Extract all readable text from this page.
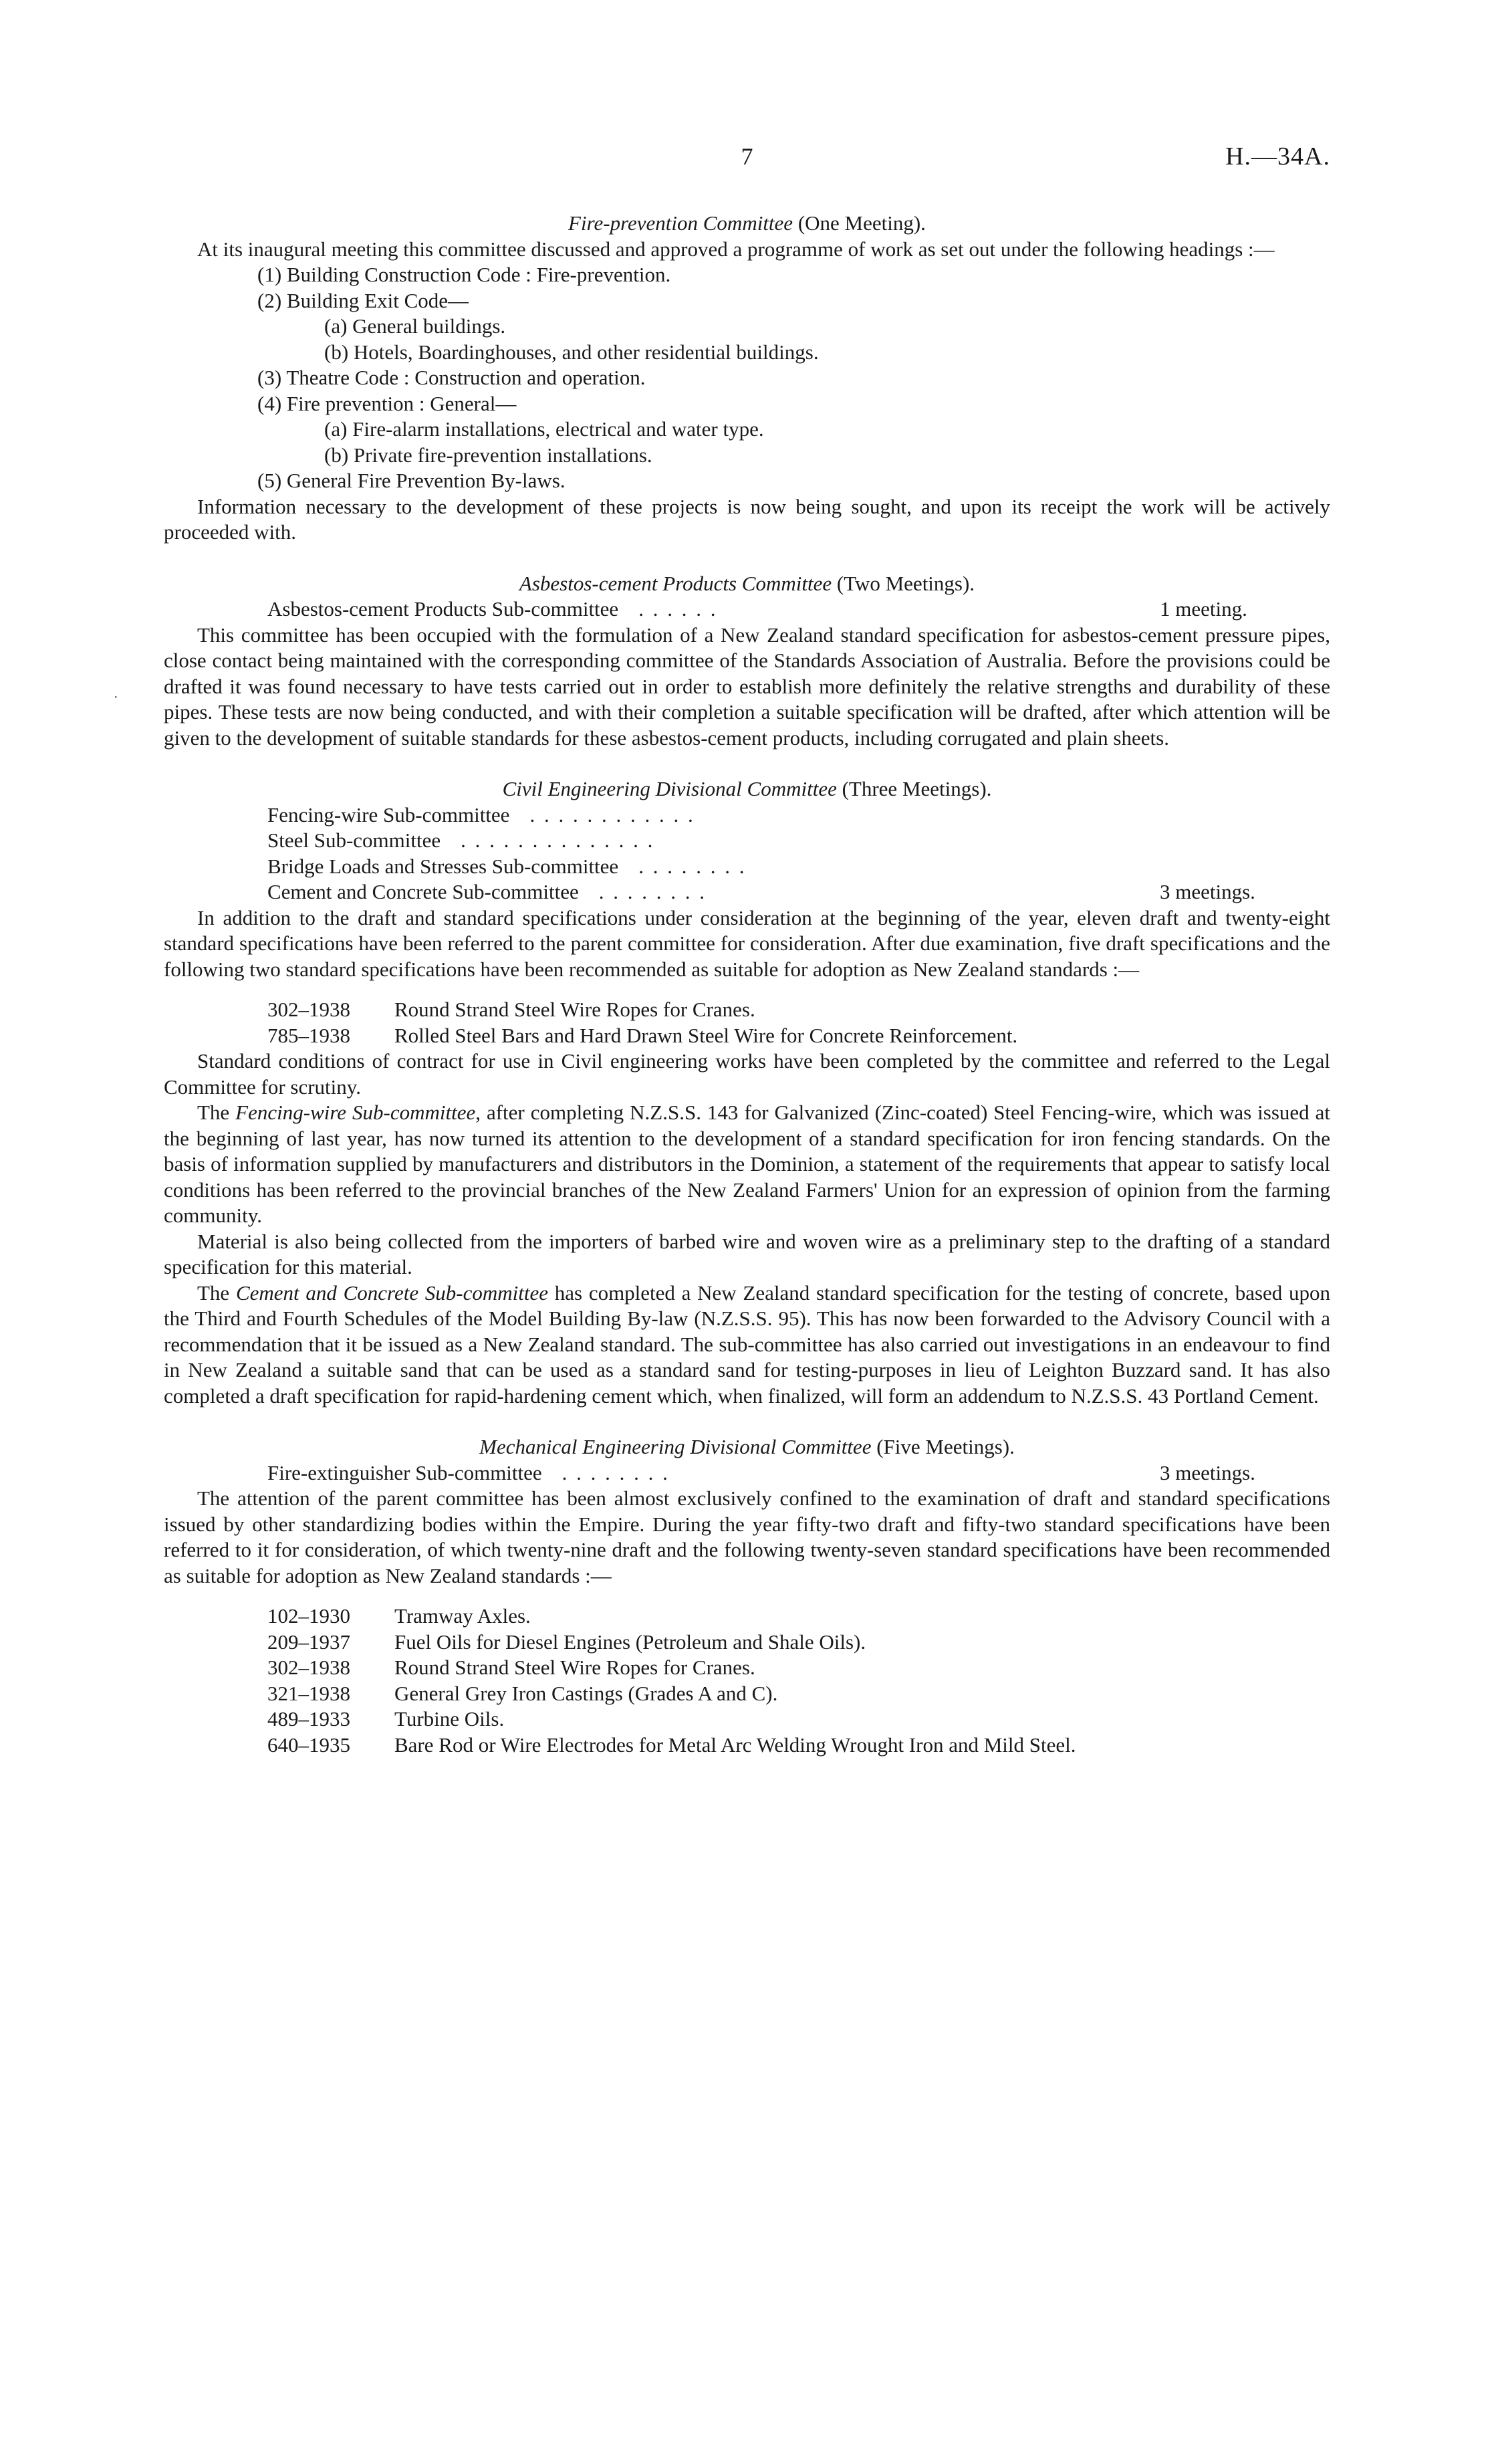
·
7	H.—34A.
Fire-prevention Committee (One Meeting).

At its inaugural meeting this committee discussed and approved a programme of work as set out under the following headings :—

(1) Building Construction Code : Fire-prevention.
(2) Building Exit Code—
(a) General buildings.
(b) Hotels, Boardinghouses, and other residential buildings.
(3) Theatre Code : Construction and operation.
(4) Fire prevention : General—
(a) Fire-alarm installations, electrical and water type.
(b) Private fire-prevention installations.
(5) General Fire Prevention By-laws.

Information necessary to the development of these projects is now being sought, and upon its receipt the work will be actively proceeded with.

Asbestos-cement Products Committee (Two Meetings).
Asbestos-cement Products Sub-committee . . . . . .	1 meeting.

This committee has been occupied with the formulation of a New Zealand standard specification for asbestos-cement pressure pipes, close contact being maintained with the corresponding committee of the Standards Association of Australia. Before the provisions could be drafted it was found necessary to have tests carried out in order to establish more definitely the relative strengths and durability of these pipes. These tests are now being conducted, and with their completion a suitable specification will be drafted, after which attention will be given to the development of suitable standards for these asbestos-cement products, including corrugated and plain sheets.

Civil Engineering Divisional Committee (Three Meetings).
Fencing-wire Sub-committee . . . . . . . . . . . .
Steel Sub-committee . . . . . . . . . . . . . .
Bridge Loads and Stresses Sub-committee . . . . . . . .
Cement and Concrete Sub-committee . . . . . . . .	3 meetings.

In addition to the draft and standard specifications under consideration at the beginning of the year, eleven draft and twenty-eight standard specifications have been referred to the parent committee for consideration. After due examination, five draft specifications and the following two standard specifications have been recommended as suitable for adoption as New Zealand standards :—

302–1938	Round Strand Steel Wire Ropes for Cranes.
785–1938	Rolled Steel Bars and Hard Drawn Steel Wire for Concrete Reinforcement.

Standard conditions of contract for use in Civil engineering works have been completed by the committee and referred to the Legal Committee for scrutiny.

The Fencing-wire Sub-committee, after completing N.Z.S.S. 143 for Galvanized (Zinc-coated) Steel Fencing-wire, which was issued at the beginning of last year, has now turned its attention to the development of a standard specification for iron fencing standards. On the basis of information supplied by manufacturers and distributors in the Dominion, a statement of the requirements that appear to satisfy local conditions has been referred to the provincial branches of the New Zealand Farmers' Union for an expression of opinion from the farming community.

Material is also being collected from the importers of barbed wire and woven wire as a preliminary step to the drafting of a standard specification for this material.

The Cement and Concrete Sub-committee has completed a New Zealand standard specification for the testing of concrete, based upon the Third and Fourth Schedules of the Model Building By-law (N.Z.S.S. 95). This has now been forwarded to the Advisory Council with a recommendation that it be issued as a New Zealand standard. The sub-committee has also carried out investigations in an endeavour to find in New Zealand a suitable sand that can be used as a standard sand for testing-purposes in lieu of Leighton Buzzard sand. It has also completed a draft specification for rapid-hardening cement which, when finalized, will form an addendum to N.Z.S.S. 43 Portland Cement.

Mechanical Engineering Divisional Committee (Five Meetings).
Fire-extinguisher Sub-committee . . . . . . . .	3 meetings.

The attention of the parent committee has been almost exclusively confined to the examination of draft and standard specifications issued by other standardizing bodies within the Empire. During the year fifty-two draft and fifty-two standard specifications have been referred to it for consideration, of which twenty-nine draft and the following twenty-seven standard specifications have been recommended as suitable for adoption as New Zealand standards :—

102–1930	Tramway Axles.
209–1937	Fuel Oils for Diesel Engines (Petroleum and Shale Oils).
302–1938	Round Strand Steel Wire Ropes for Cranes.
321–1938	General Grey Iron Castings (Grades A and C).
489–1933	Turbine Oils.
640–1935	Bare Rod or Wire Electrodes for Metal Arc Welding Wrought Iron and Mild Steel.
